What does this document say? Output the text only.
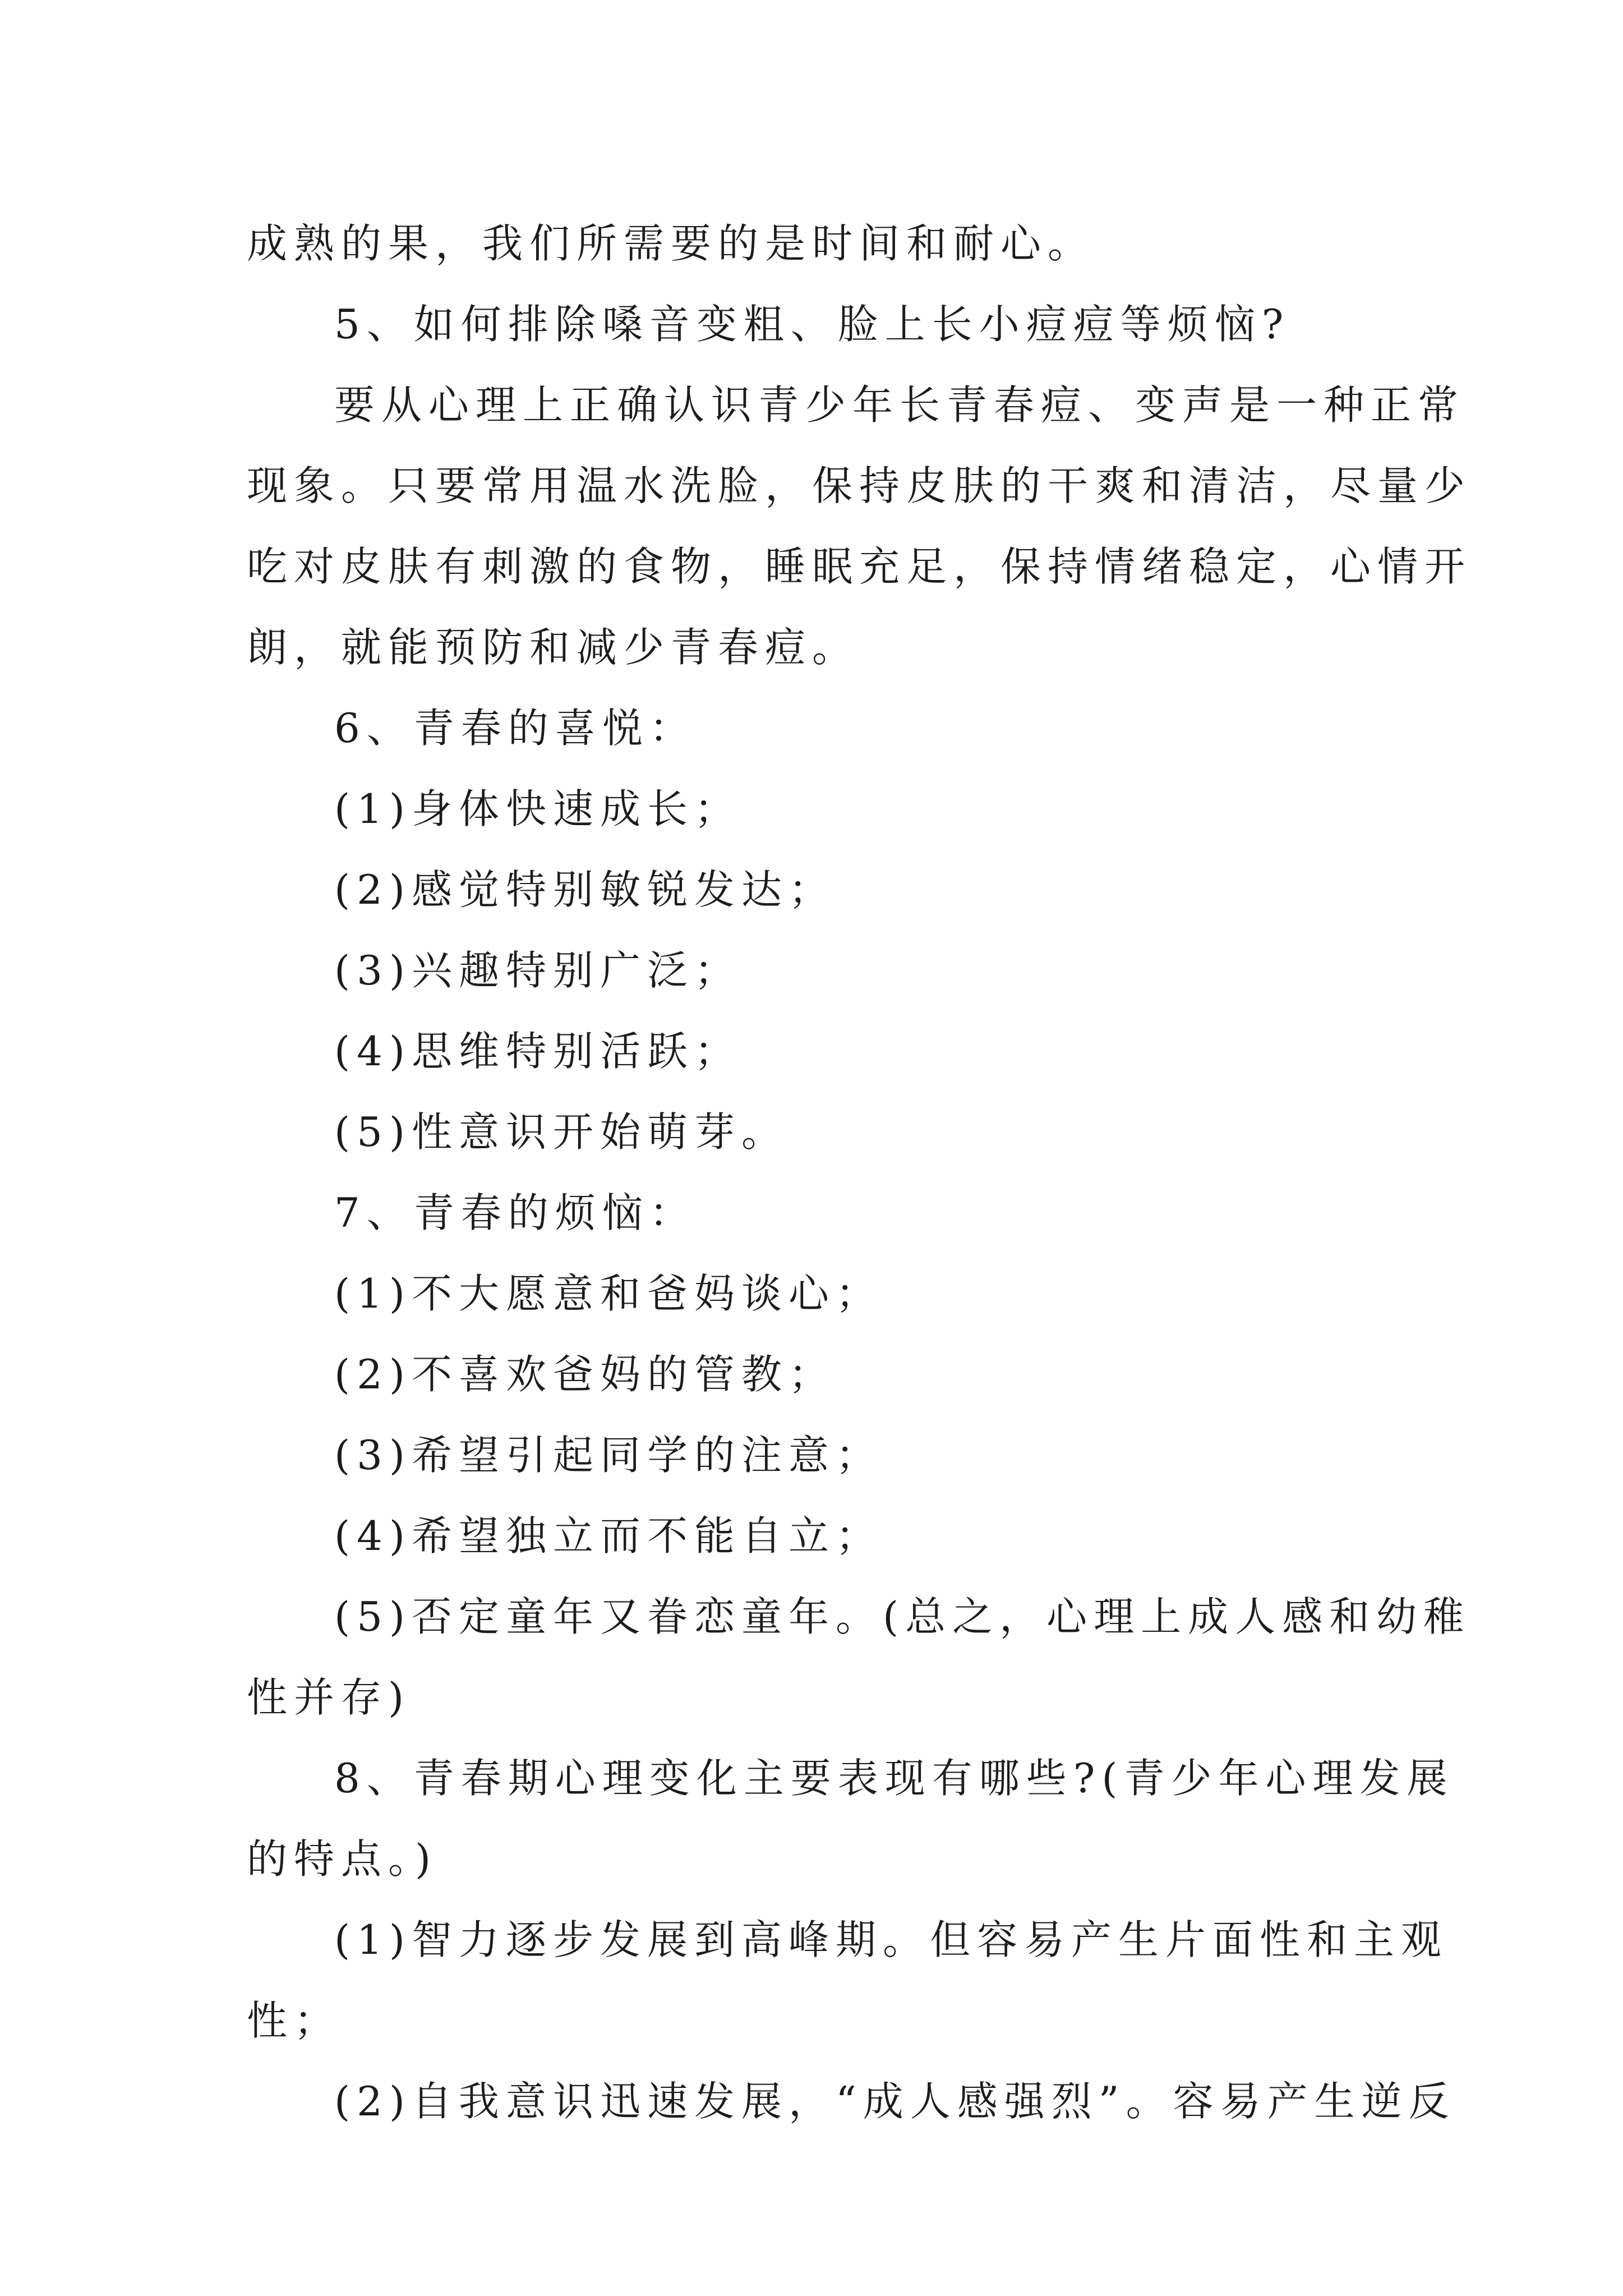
成熟的果，我们所需要的是时间和耐心。
5、如何排除嗓音变粗、脸上长小痘痘等烦恼?
要从心理上正确认识青少年长青春痘、变声是一种正常
现象。只要常用温水洗脸，保持皮肤的干爽和清洁，尽量少
吃对皮肤有刺激的食物，睡眠充足，保持情绪稳定，心情开
朗，就能预防和减少青春痘。
6、青春的喜悦：
(1)身体快速成长；
(2)感觉特别敏锐发达；
(3)兴趣特别广泛；
(4)思维特别活跃；
(5)性意识开始萌芽。
7、青春的烦恼：
(1)不大愿意和爸妈谈心；
(2)不喜欢爸妈的管教；
(3)希望引起同学的注意；
(4)希望独立而不能自立；
(5)否定童年又眷恋童年。(总之，心理上成人感和幼稚
性并存)
8、青春期心理变化主要表现有哪些?(青少年心理发展
的特点。)
(1)智力逐步发展到高峰期。但容易产生片面性和主观
性；
(2)自我意识迅速发展，“成人感强烈”。容易产生逆反
